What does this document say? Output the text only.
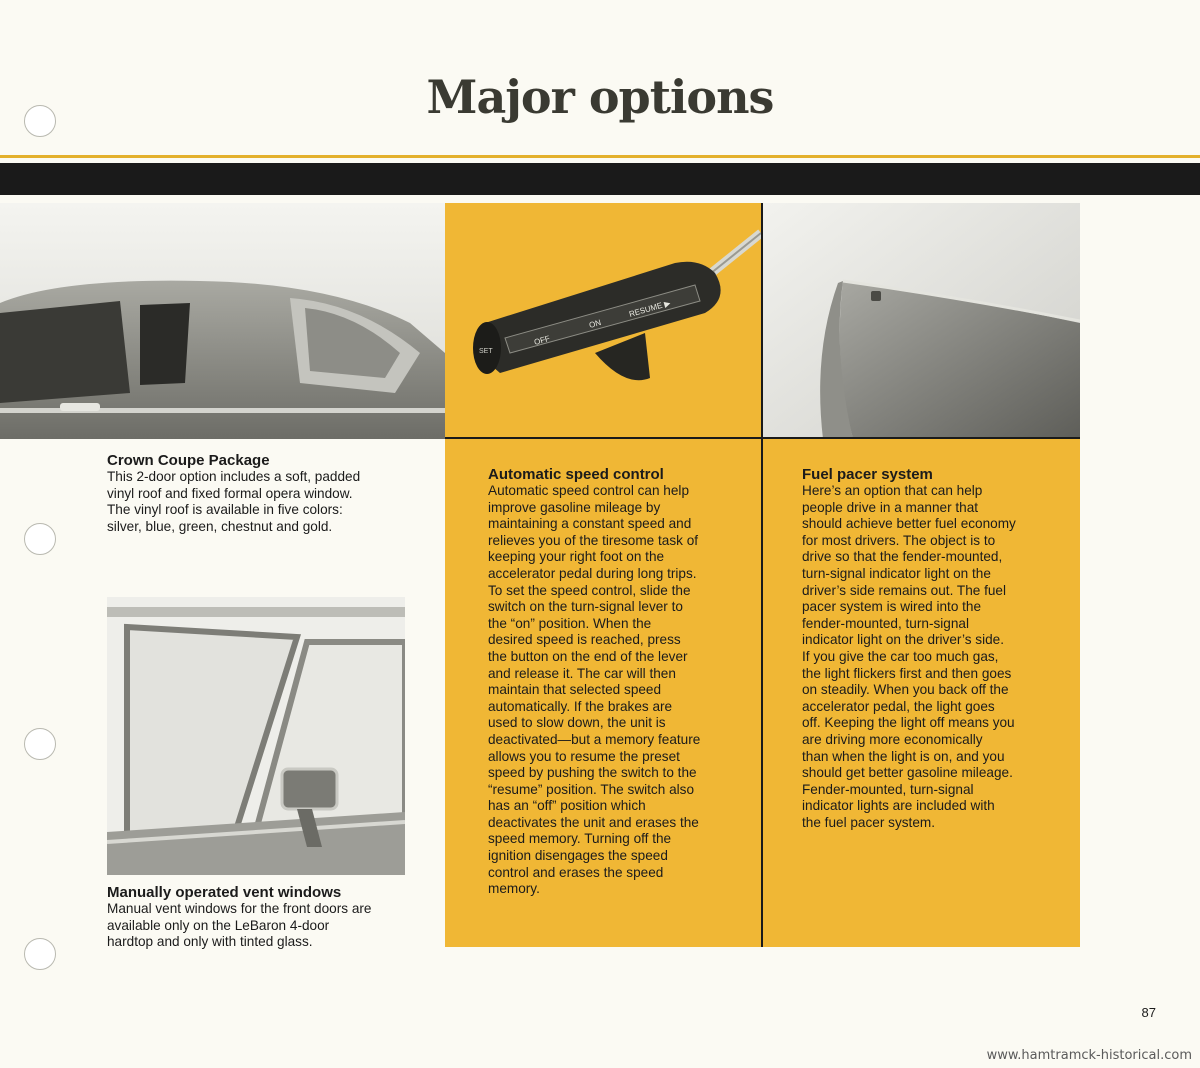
Major options
OFF
ON
RESUME ▶
SET
Crown Coupe Package

This 2-door option includes a soft, padded
vinyl roof and fixed formal opera window.
The vinyl roof is available in five colors:
silver, blue, green, chestnut and gold.

Manually operated vent windows

Manual vent windows for the front doors are
available only on the LeBaron 4-door
hardtop and only with tinted glass.

Automatic speed control

Automatic speed control can help
improve gasoline mileage by
maintaining a constant speed and
relieves you of the tiresome task of
keeping your right foot on the
accelerator pedal during long trips.
To set the speed control, slide the
switch on the turn-signal lever to
the “on” position. When the
desired speed is reached, press
the button on the end of the lever
and release it. The car will then
maintain that selected speed
automatically. If the brakes are
used to slow down, the unit is
deactivated—but a memory feature
allows you to resume the preset
speed by pushing the switch to the
“resume” position. The switch also
has an “off” position which
deactivates the unit and erases the
speed memory. Turning off the
ignition disengages the speed
control and erases the speed
memory.

Fuel pacer system

Here’s an option that can help
people drive in a manner that
should achieve better fuel economy
for most drivers. The object is to
drive so that the fender-mounted,
turn-signal indicator light on the
driver’s side remains out. The fuel
pacer system is wired into the
fender-mounted, turn-signal
indicator light on the driver’s side.
If you give the car too much gas,
the light flickers first and then goes
on steadily. When you back off the
accelerator pedal, the light goes
off. Keeping the light off means you
are driving more economically
than when the light is on, and you
should get better gasoline mileage.
Fender-mounted, turn-signal
indicator lights are included with
the fuel pacer system.

87
www.hamtramck-historical.com
